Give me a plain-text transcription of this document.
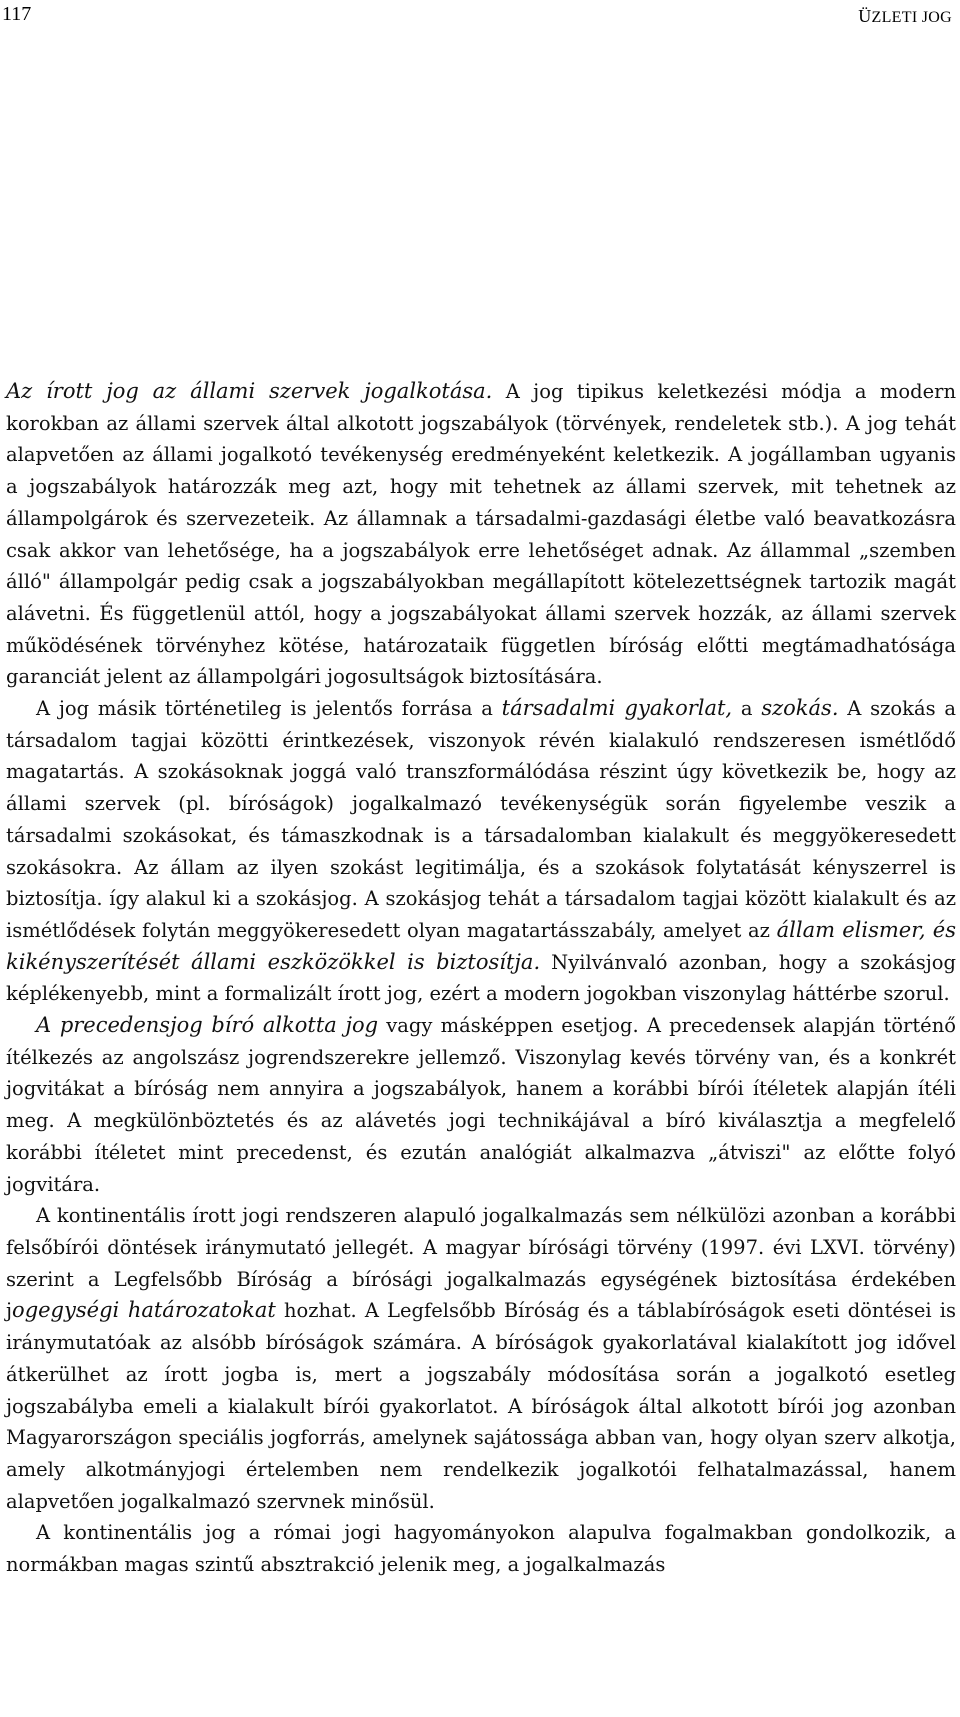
117	ÜZLETI JOG

Az írott jog az állami szervek jogalkotása. A jog tipikus keletkezési módja a modern korokban az állami szervek által alkotott jogszabályok (törvények, rendeletek stb.). A jog tehát alapvetően az állami jogalkotó tevékenység eredményeként keletkezik. A jogállamban ugyanis a jogszabályok határozzák meg azt, hogy mit tehetnek az állami szervek, mit tehetnek az állampolgárok és szervezeteik. Az államnak a társadalmi-gazdasági életbe való beavatkozásra csak akkor van lehetősége, ha a jogszabályok erre lehetőséget adnak. Az állammal „szemben álló" állampolgár pedig csak a jogszabályokban megállapított kötelezettségnek tartozik magát alávetni. És függetlenül attól, hogy a jogszabályokat állami szervek hozzák, az állami szervek működésének törvényhez kötése, határozataik független bíróság előtti megtámadhatósága garanciát jelent az állampolgári jogosultságok biztosítására.

A jog másik történetileg is jelentős forrása a társadalmi gyakorlat, a szokás. A szokás a társadalom tagjai közötti érintkezések, viszonyok révén kialakuló rendszeresen ismétlődő magatartás. A szokásoknak joggá való transzformálódása részint úgy következik be, hogy az állami szervek (pl. bíróságok) jogalkalmazó tevékenységük során figyelembe veszik a társadalmi szokásokat, és támaszkodnak is a társadalomban kialakult és meggyökeresedett szokásokra. Az állam az ilyen szokást legitimálja, és a szokások folytatását kényszerrel is biztosítja. így alakul ki a szokásjog. A szokásjog tehát a társadalom tagjai között kialakult és az ismétlődések folytán meggyökeresedett olyan magatartásszabály, amelyet az állam elismer, és kikényszerítését állami eszközökkel is biztosítja. Nyilvánvaló azonban, hogy a szokásjog képlékenyebb, mint a formalizált írott jog, ezért a modern jogokban viszonylag háttérbe szorul.

A precedensjog bíró alkotta jog vagy másképpen esetjog. A precedensek alapján történő ítélkezés az angolszász jogrendszerekre jellemző. Viszonylag kevés törvény van, és a konkrét jogvitákat a bíróság nem annyira a jogszabályok, hanem a korábbi bírói ítéletek alapján ítéli meg. A megkülönböztetés és az alávetés jogi technikájával a bíró kiválasztja a megfelelő korábbi ítéletet mint precedenst, és ezután analógiát alkalmazva „átviszi" az előtte folyó jogvitára.

A kontinentális írott jogi rendszeren alapuló jogalkalmazás sem nélkülözi azonban a korábbi felsőbírói döntések iránymutató jellegét. A magyar bírósági törvény (1997. évi LXVI. törvény) szerint a Legfelsőbb Bíróság a bírósági jogalkalmazás egységének biztosítása érdekében jogegységi határozatokat hozhat. A Legfelsőbb Bíróság és a táblabíróságok eseti döntései is iránymutatóak az alsóbb bíróságok számára. A bíróságok gyakorlatával kialakított jog idővel átkerülhet az írott jogba is, mert a jogszabály módosítása során a jogalkotó esetleg jogszabályba emeli a kialakult bírói gyakorlatot. A bíróságok által alkotott bírói jog azonban Magyarországon speciális jogforrás, amelynek sajátossága abban van, hogy olyan szerv alkotja, amely alkotmányjogi értelemben nem rendelkezik jogalkotói felhatalmazással, hanem alapvetően jogalkalmazó szervnek minősül.

A kontinentális jog a római jogi hagyományokon alapulva fogalmakban gondolkozik, a normákban magas szintű absztrakció jelenik meg, a jogalkalmazás
